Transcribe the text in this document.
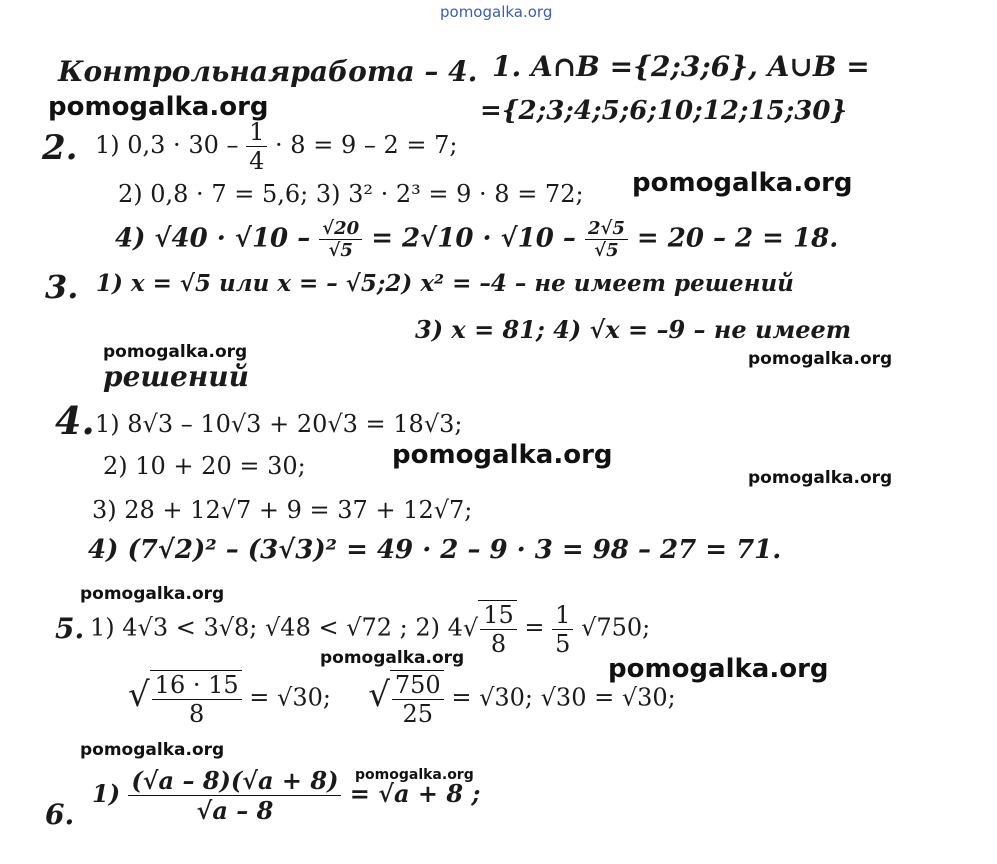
pomogalka.org
Контрольнаяработа – 4. 1. A∩B ={2;3;6}, A∪B =
={2;3;4;5;6;10;12;15;30}
pomogalka.org
2. 1) $0,3 \cdot 30 - \frac{1}{4} \cdot 8 = 9 - 2 = 7$;
2) 0,8 · 7 = 5,6; 3) 3² · 2³ = 9 · 8 = 72; pomogalka.org
4) $√40 \cdot √10 - \frac{√20}{√5} = 2√10 \cdot √10 - \frac{2√5}{√5} = 20 - 2 = 18$.
3. 1) x = √5 или x = – √5;2) x² = –4 – не имеет решений
3) x = 81; 4) √x = –9 – не имеет
pomogalka.org	pomogalka.org
решений
4. 1) 8√3 – 10√3 + 20√3 = 18√3;
2) 10 + 20 = 30;	pomogalka.org
pomogalka.org
3) 28 + 12√7 + 9 = 37 + 12√7;
4) (7√2)² – (3√3)² = 49 · 2 – 9 · 3 = 98 – 27 = 71.
pomogalka.org
5. 1) 4√3 < 3√8; √48 < √72 ; 2) $4√ \frac{15}{8} = \frac{1}{5} √750$;
pomogalka.org	pomogalka.org
√
$\frac{16 \cdot 15}{8} = √30$;  √ $\frac{750}{25} = √30$; √30 = √30;
pomogalka.org
pomogalka.org
6.
$1) \frac{(√a - 8)(√a + 8)}{√a - 8} = √a + 8$ ;
